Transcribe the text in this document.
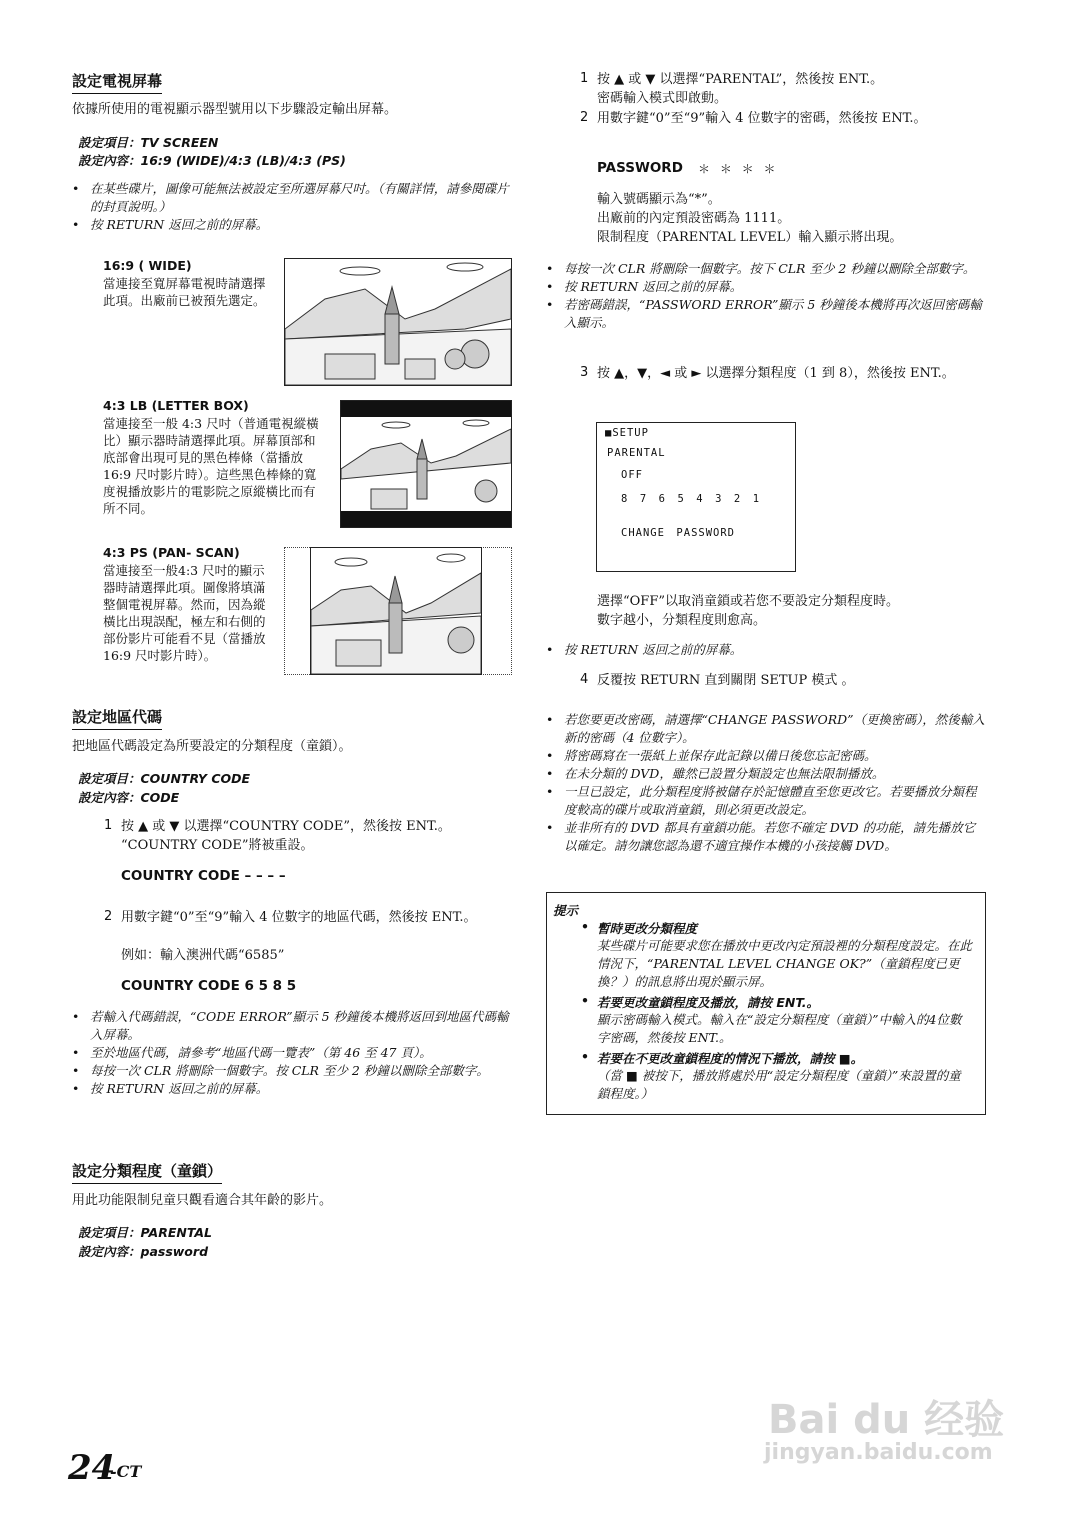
設定電視屏幕
依據所使用的電視顯示器型號用以下步驟設定輸出屏幕。
設定項目：TV SCREEN
設定內容：16:9 (WIDE)/4:3 (LB)/4:3 (PS)
• 在某些碟片，圖像可能無法被設定至所選屏幕尺吋。（有關詳情，請參閱碟片的封頁說明。）
• 按 RETURN 返回之前的屏幕。
16:9 ( WIDE)
當連接至寬屏幕電視時請選擇此項。出廠前已被預先選定。
4:3 LB (LETTER BOX)
當連接至一般 4:3 尺吋（普通電視縱橫比）顯示器時請選擇此項。屏幕頂部和底部會出現可見的黑色棒條（當播放16:9 尺吋影片時）。這些黑色棒條的寬度視播放影片的電影院之原縱橫比而有所不同。
4:3 PS (PAN- SCAN)
當連接至一般4:3 尺吋的顯示器時請選擇此項。圖像將填滿整個電視屏幕。然而，因為縱橫比出現誤配，極左和右側的部份影片可能看不見（當播放16:9 尺吋影片時）。
設定地區代碼
把地區代碼設定為所要設定的分類程度（童鎖）。
設定項目：COUNTRY CODE
設定內容：CODE
1 按 ▲ 或 ▼ 以選擇“COUNTRY CODE”，然後按 ENT.。
“COUNTRY CODE”將被重設。
COUNTRY CODE – – – –
2 用數字鍵“0”至“9”輸入 4 位數字的地區代碼，然後按 ENT.。
例如：輸入澳洲代碼“6585”
COUNTRY CODE 6 5 8 5
• 若輸入代碼錯誤，“CODE ERROR”顯示 5 秒鐘後本機將返回到地區代碼輸入屏幕。
• 至於地區代碼，請參考“地區代碼一覽表”（第 46 至 47 頁）。
• 每按一次 CLR 將刪除一個數字。按 CLR 至少 2 秒鐘以刪除全部數字。
• 按 RETURN 返回之前的屏幕。
設定分類程度（童鎖）
用此功能限制兒童只觀看適合其年齡的影片。
設定項目：PARENTAL
設定內容：password
1 按 ▲ 或 ▼ 以選擇“PARENTAL”，然後按 ENT.。
密碼輸入模式即啟動。
2 用數字鍵“0”至“9”輸入 4 位數字的密碼，然後按 ENT.。
PASSWORD ＊ ＊ ＊ ＊
輸入號碼顯示為“*”。
出廠前的內定預設密碼為 1111。
限制程度（PARENTAL LEVEL）輸入顯示將出現。
• 每按一次 CLR 將刪除一個數字。按下 CLR 至少 2 秒鐘以刪除全部數字。
• 按 RETURN 返回之前的屏幕。
• 若密碼錯誤，“PASSWORD ERROR”顯示 5 秒鐘後本機將再次返回密碼輸入顯示。
3 按 ▲，▼，◄ 或 ► 以選擇分類程度（1 到 8），然後按 ENT.。
■SETUP
PARENTAL
OFF
8　7　6　5　4　3　2　1
CHANGE　PASSWORD
選擇“OFF”以取消童鎖或若您不要設定分類程度時。
數字越小，分類程度則愈高。
• 按 RETURN 返回之前的屏幕。
4 反覆按 RETURN 直到關閉 SETUP 模式 。
• 若您要更改密碼，請選擇“CHANGE PASSWORD”（更換密碼），然後輸入新的密碼（4 位數字）。
• 將密碼寫在一張紙上並保存此記錄以備日後您忘記密碼。
• 在未分類的 DVD，雖然已設置分類設定也無法限制播放。
• 一旦已設定，此分類程度將被儲存於記憶體直至您更改它。若要播放分類程度較高的碟片或取消童鎖，則必須更改設定。
• 並非所有的 DVD 都具有童鎖功能。若您不確定 DVD 的功能，請先播放它以確定。請勿讓您認為還不適宜操作本機的小孩接觸 DVD。
提示
• 暫時更改分類程度
某些碟片可能要求您在播放中更改內定預設裡的分類程度設定。在此情況下，“PARENTAL LEVEL CHANGE OK?”（童鎖程度已更換？）的訊息將出現於顯示屏。
• 若要更改童鎖程度及播放，請按 ENT.。
顯示密碼輸入模式。輸入在“設定分類程度（童鎖）”中輸入的4位數字密碼，然後按 ENT.。
• 若要在不更改童鎖程度的情況下播放，請按 ■。
（當 ■ 被按下，播放將處於用“設定分類程度（童鎖）”來設置的童鎖程度。）
24
-CT
Bai du 经验
jingyan.baidu.com
